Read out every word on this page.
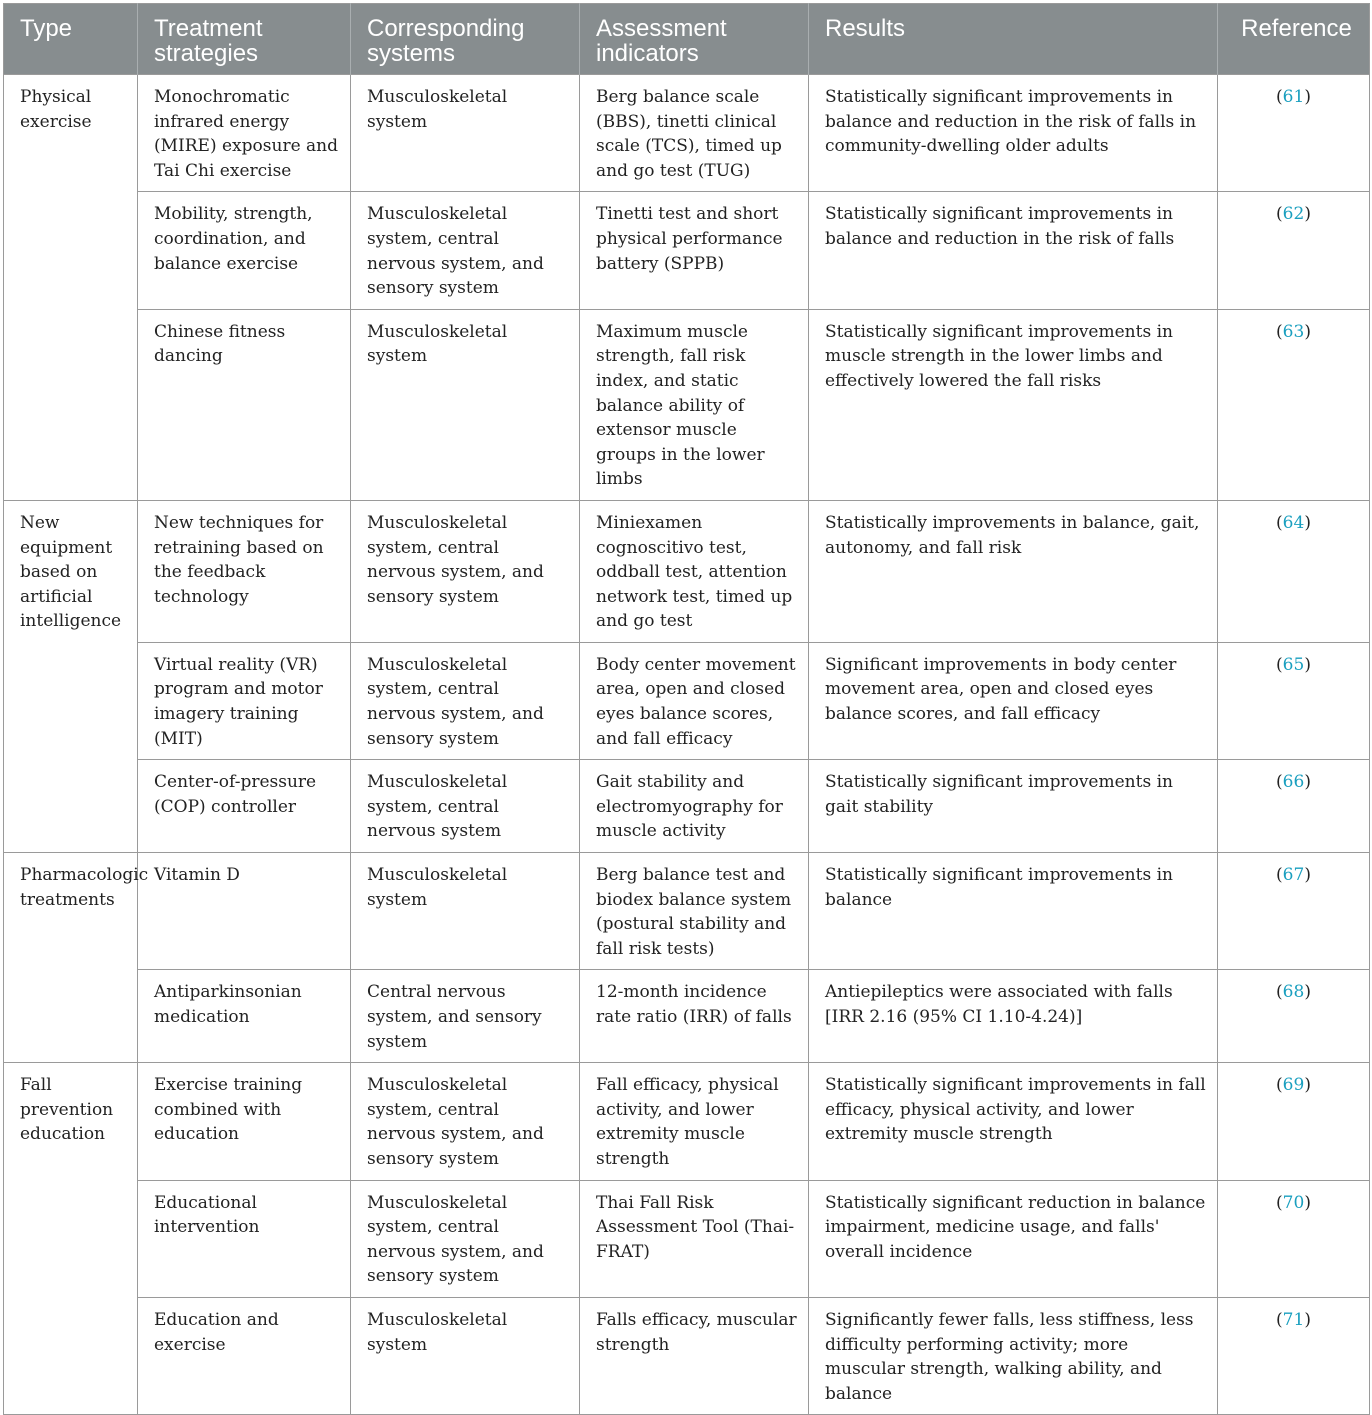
Type	Treatment strategies	Corresponding systems	Assessment indicators	Results	Reference
Physical exercise	Monochromatic infrared energy (MIRE) exposure and Tai Chi exercise	Musculoskeletal system	Berg balance scale (BBS), tinetti clinical scale (TCS), timed up and go test (TUG)	Statistically significant improvements in balance and reduction in the risk of falls in community-dwelling older adults	(61)
	Mobility, strength, coordination, and balance exercise	Musculoskeletal system, central nervous system, and sensory system	Tinetti test and short physical performance battery (SPPB)	Statistically significant improvements in balance and reduction in the risk of falls	(62)
	Chinese fitness dancing	Musculoskeletal system	Maximum muscle strength, fall risk index, and static balance ability of extensor muscle groups in the lower limbs	Statistically significant improvements in muscle strength in the lower limbs and effectively lowered the fall risks	(63)
New equipment based on artificial intelligence	New techniques for retraining based on the feedback technology	Musculoskeletal system, central nervous system, and sensory system	Miniexamen cognoscitivo test, oddball test, attention network test, timed up and go test	Statistically improvements in balance, gait, autonomy, and fall risk	(64)
	Virtual reality (VR) program and motor imagery training (MIT)	Musculoskeletal system, central nervous system, and sensory system	Body center movement area, open and closed eyes balance scores, and fall efficacy	Significant improvements in body center movement area, open and closed eyes balance scores, and fall efficacy	(65)
	Center-of-pressure (COP) controller	Musculoskeletal system, central nervous system	Gait stability and electromyography for muscle activity	Statistically significant improvements in gait stability	(66)
Pharmacologic treatments	Vitamin D	Musculoskeletal system	Berg balance test and biodex balance system (postural stability and fall risk tests)	Statistically significant improvements in balance	(67)
	Antiparkinsonian medication	Central nervous system, and sensory system	12-month incidence rate ratio (IRR) of falls	Antiepileptics were associated with falls [IRR 2.16 (95% CI 1.10-4.24)]	(68)
Fall prevention education	Exercise training combined with education	Musculoskeletal system, central nervous system, and sensory system	Fall efficacy, physical activity, and lower extremity muscle strength	Statistically significant improvements in fall efficacy, physical activity, and lower extremity muscle strength	(69)
	Educational intervention	Musculoskeletal system, central nervous system, and sensory system	Thai Fall Risk Assessment Tool (Thai-FRAT)	Statistically significant reduction in balance impairment, medicine usage, and falls' overall incidence	(70)
	Education and exercise	Musculoskeletal system	Falls efficacy, muscular strength	Significantly fewer falls, less stiffness, less difficulty performing activity; more muscular strength, walking ability, and balance	(71)
